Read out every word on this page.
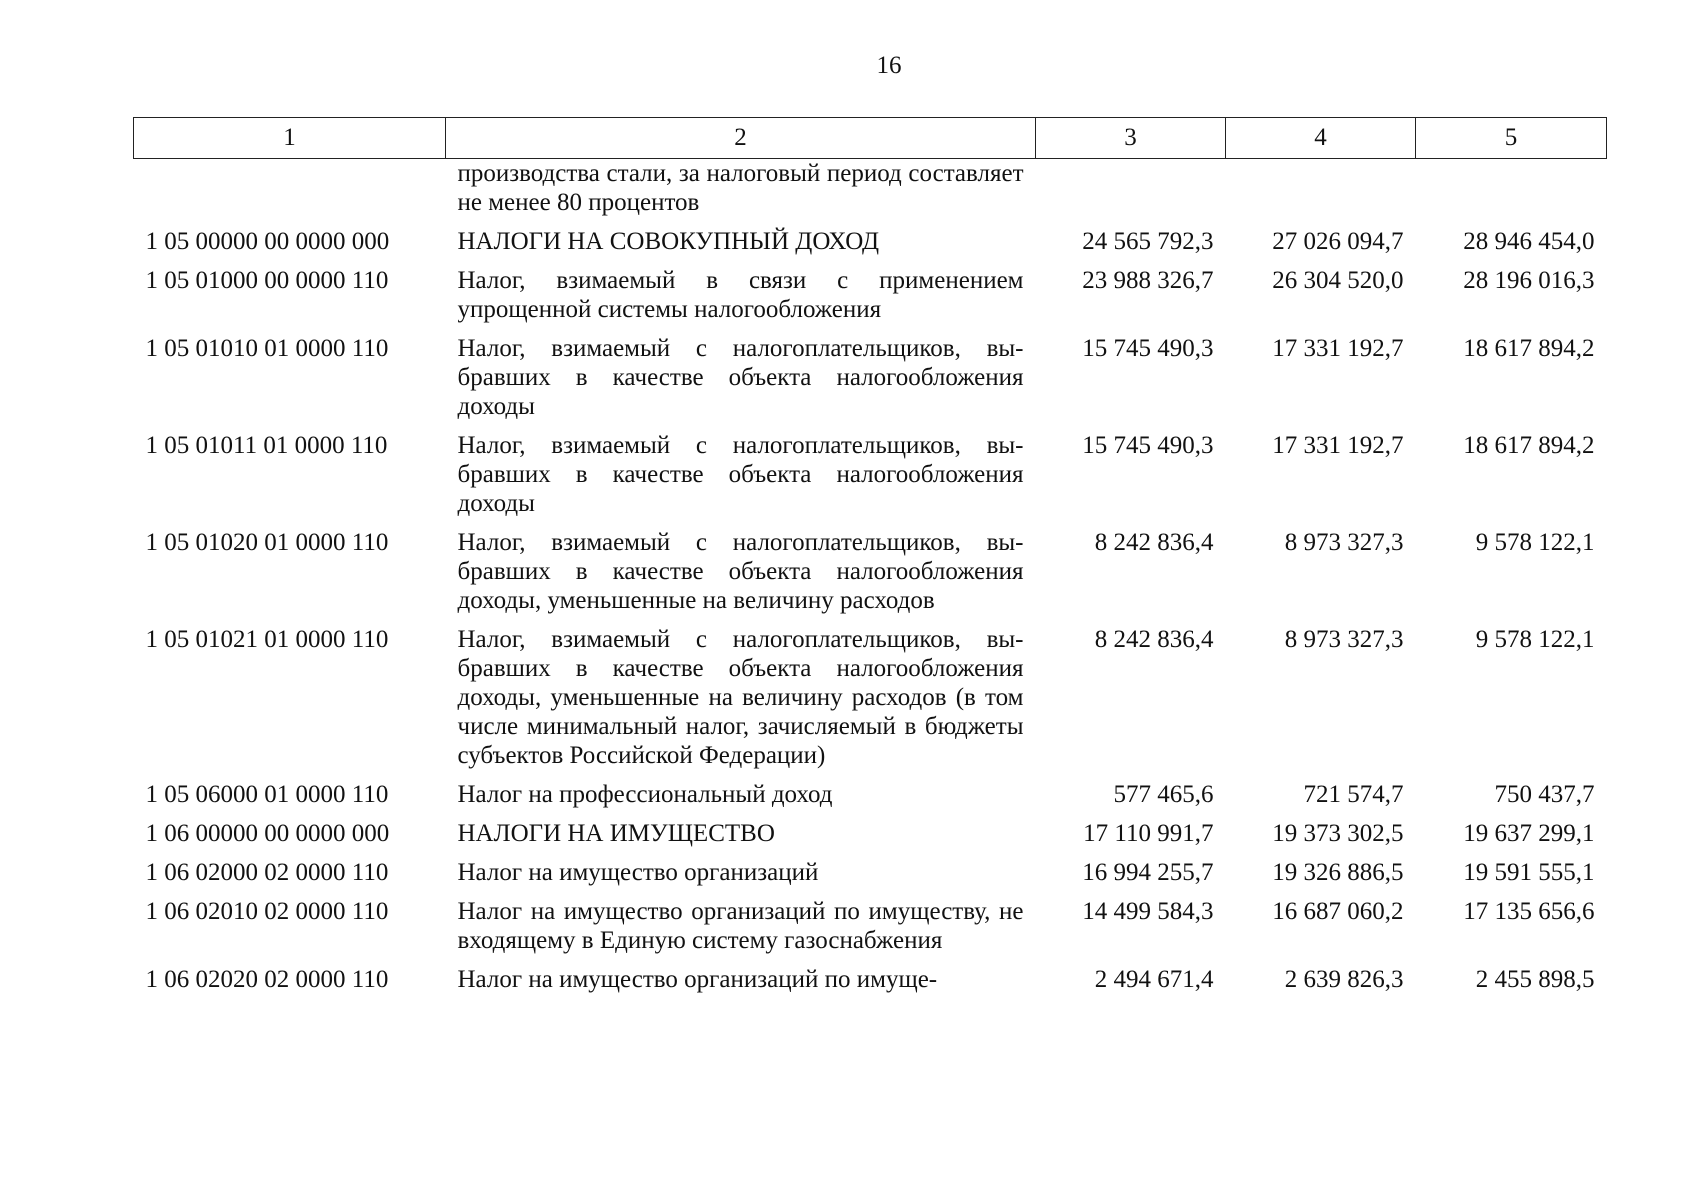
16
1	2	3	4	5
	производства стали, за налоговый период составляет не менее 80 процентов			
1 05 00000 00 0000 000	НАЛОГИ НА СОВОКУПНЫЙ ДОХОД	24 565 792,3	27 026 094,7	28 946 454,0
1 05 01000 00 0000 110	Налог, взимаемый в связи с применением упрощенной системы налогообложения	23 988 326,7	26 304 520,0	28 196 016,3
1 05 01010 01 0000 110	Налог, взимаемый с налогоплательщиков, выбравших в качестве объекта налогообложения доходы	15 745 490,3	17 331 192,7	18 617 894,2
1 05 01011 01 0000 110	Налог, взимаемый с налогоплательщиков, выбравших в качестве объекта налогообложения доходы	15 745 490,3	17 331 192,7	18 617 894,2
1 05 01020 01 0000 110	Налог, взимаемый с налогоплательщиков, выбравших в качестве объекта налогообложения доходы, уменьшенные на величину расходов	8 242 836,4	8 973 327,3	9 578 122,1
1 05 01021 01 0000 110	Налог, взимаемый с налогоплательщиков, выбравших в качестве объекта налогообложения доходы, уменьшенные на величину расходов (в том числе минимальный налог, зачисляемый в бюджеты субъектов Российской Федерации)	8 242 836,4	8 973 327,3	9 578 122,1
1 05 06000 01 0000 110	Налог на профессиональный доход	577 465,6	721 574,7	750 437,7
1 06 00000 00 0000 000	НАЛОГИ НА ИМУЩЕСТВО	17 110 991,7	19 373 302,5	19 637 299,1
1 06 02000 02 0000 110	Налог на имущество организаций	16 994 255,7	19 326 886,5	19 591 555,1
1 06 02010 02 0000 110	Налог на имущество организаций по имуществу, не входящему в Единую систему газоснабжения	14 499 584,3	16 687 060,2	17 135 656,6
1 06 02020 02 0000 110	Налог на имущество организаций по имуще-	2 494 671,4	2 639 826,3	2 455 898,5
